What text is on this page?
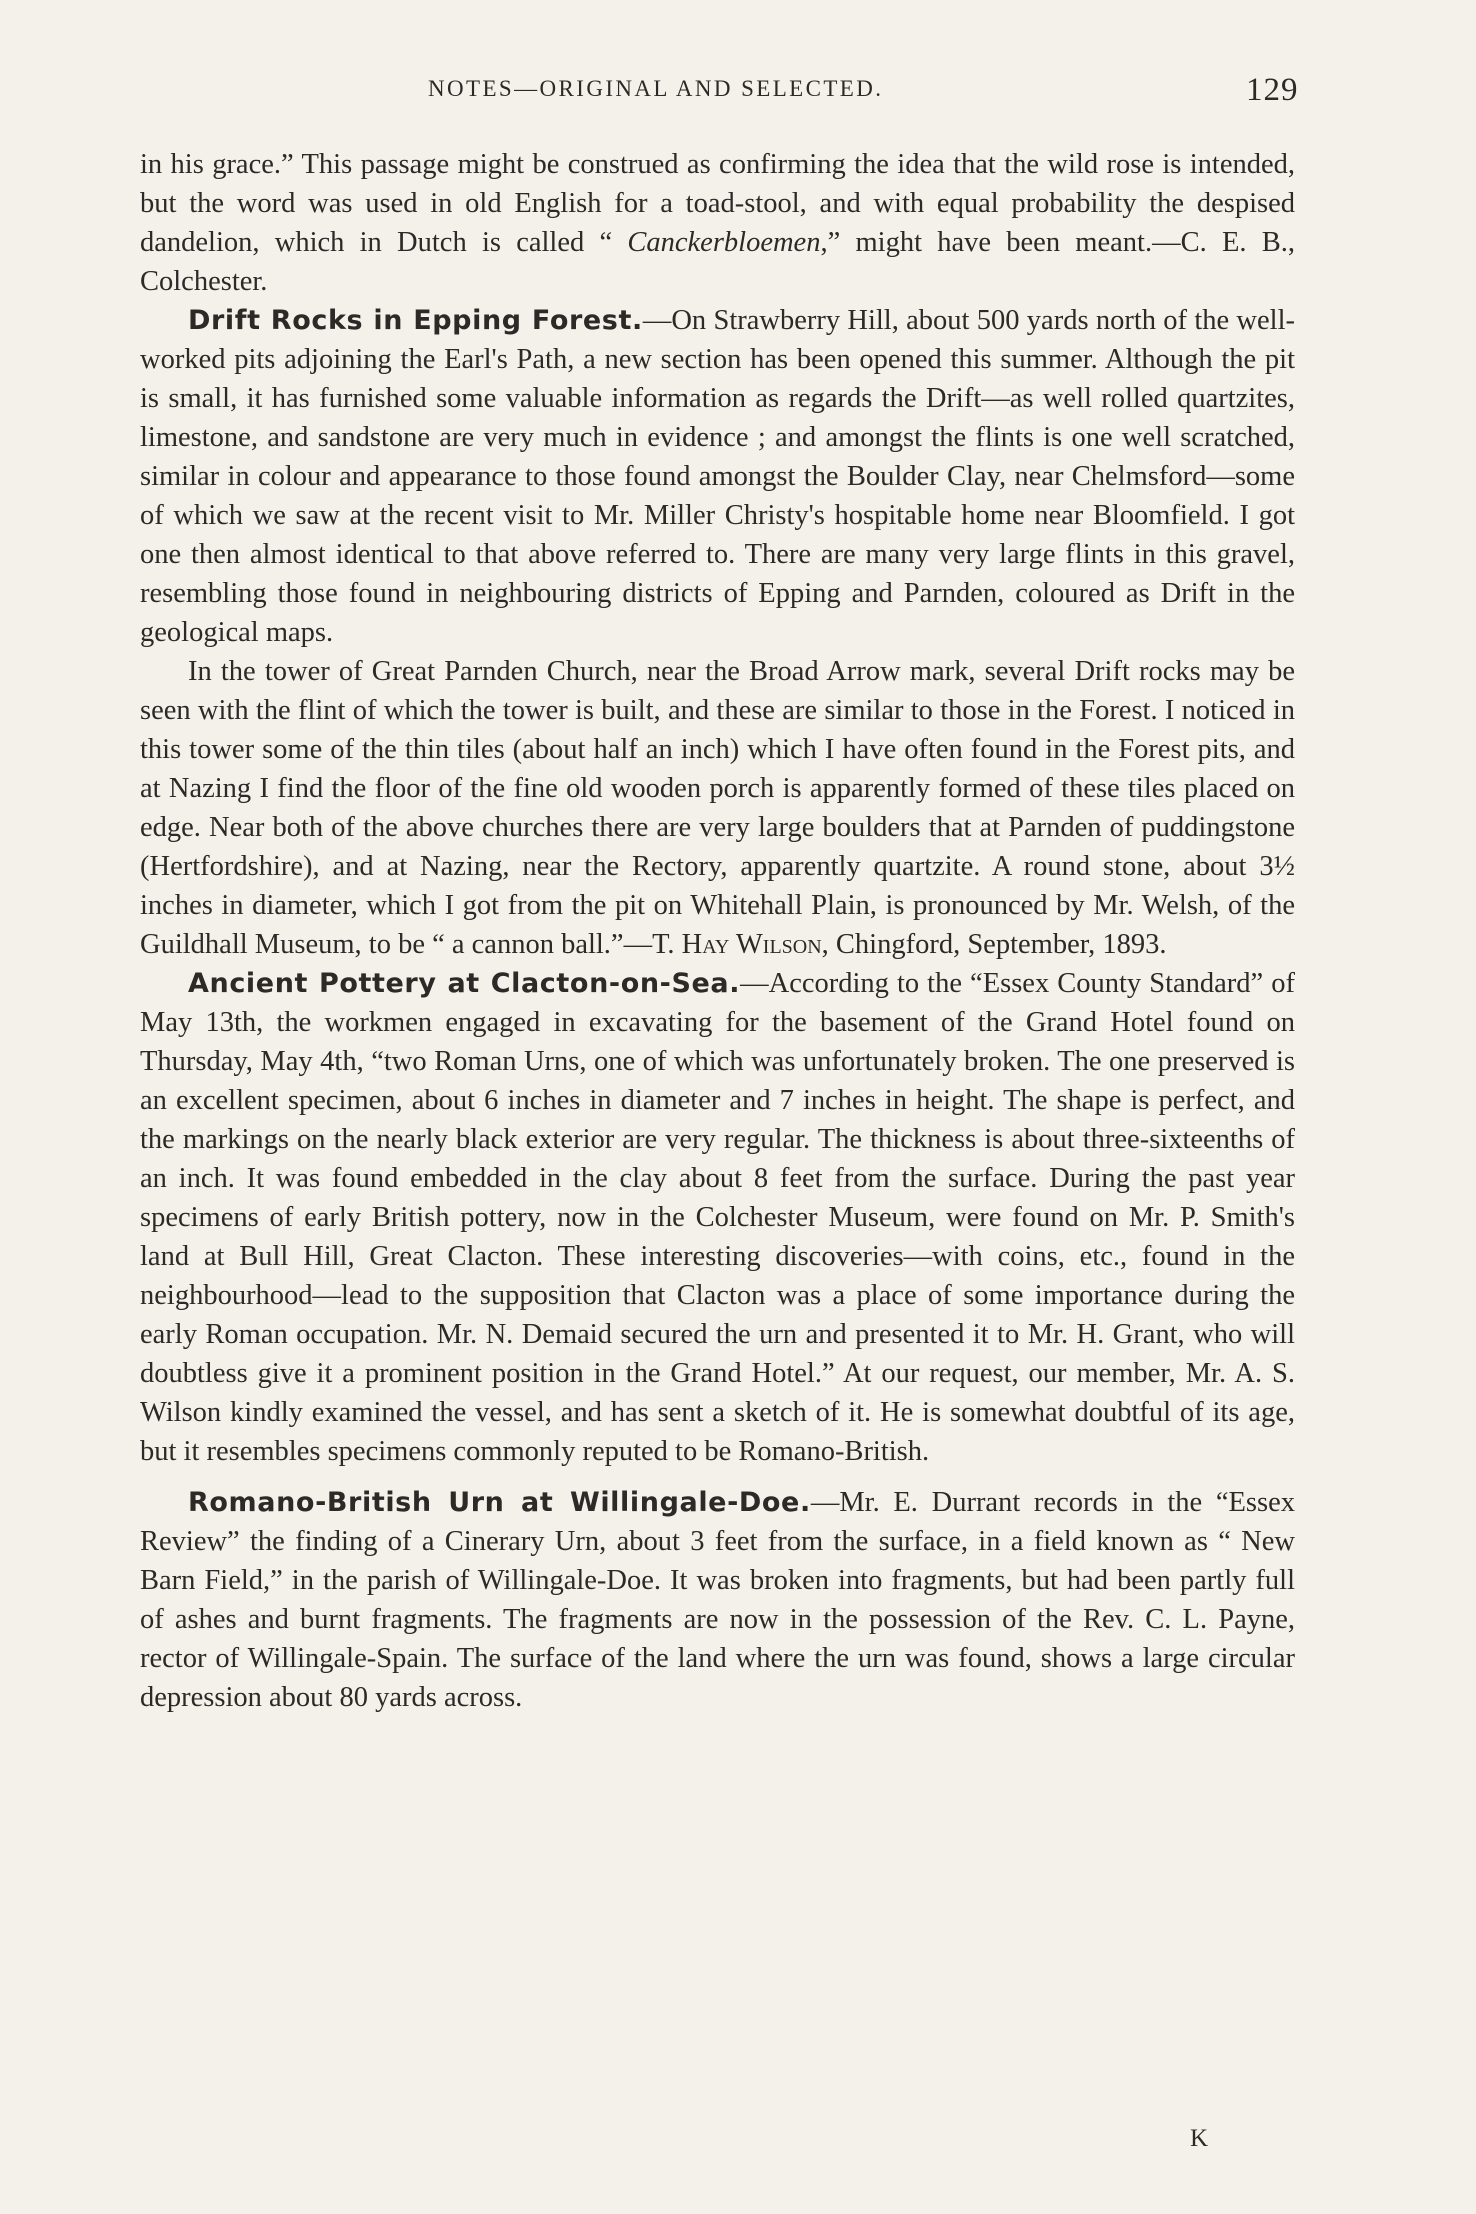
NOTES—ORIGINAL AND SELECTED.	129

in his grace.” This passage might be construed as confirming the idea that the wild rose is intended, but the word was used in old English for a toad-stool, and with equal probability the despised dandelion, which in Dutch is called “ Canckerbloemen,” might have been meant.—C. E. B., Colchester.

Drift Rocks in Epping Forest.—On Strawberry Hill, about 500 yards north of the well-worked pits adjoining the Earl's Path, a new section has been opened this summer. Although the pit is small, it has furnished some valuable information as regards the Drift—as well rolled quartzites, limestone, and sandstone are very much in evidence ; and amongst the flints is one well scratched, similar in colour and appearance to those found amongst the Boulder Clay, near Chelmsford—some of which we saw at the recent visit to Mr. Miller Christy's hospitable home near Bloomfield. I got one then almost identical to that above referred to. There are many very large flints in this gravel, resembling those found in neighbouring districts of Epping and Parnden, coloured as Drift in the geological maps.

In the tower of Great Parnden Church, near the Broad Arrow mark, several Drift rocks may be seen with the flint of which the tower is built, and these are similar to those in the Forest. I noticed in this tower some of the thin tiles (about half an inch) which I have often found in the Forest pits, and at Nazing I find the floor of the fine old wooden porch is apparently formed of these tiles placed on edge. Near both of the above churches there are very large boulders that at Parnden of puddingstone (Hertfordshire), and at Nazing, near the Rectory, apparently quartzite. A round stone, about 3½ inches in diameter, which I got from the pit on Whitehall Plain, is pronounced by Mr. Welsh, of the Guildhall Museum, to be “ a cannon ball.”—T. Hay Wilson, Chingford, September, 1893.

Ancient Pottery at Clacton-on-Sea.—According to the “Essex County Standard” of May 13th, the workmen engaged in excavating for the basement of the Grand Hotel found on Thursday, May 4th, “two Roman Urns, one of which was unfortunately broken. The one preserved is an excellent specimen, about 6 inches in diameter and 7 inches in height. The shape is perfect, and the markings on the nearly black exterior are very regular. The thickness is about three-sixteenths of an inch. It was found embedded in the clay about 8 feet from the surface. During the past year specimens of early British pottery, now in the Colchester Museum, were found on Mr. P. Smith's land at Bull Hill, Great Clacton. These interesting discoveries—with coins, etc., found in the neighbourhood—lead to the supposition that Clacton was a place of some importance during the early Roman occupation. Mr. N. Demaid secured the urn and presented it to Mr. H. Grant, who will doubtless give it a prominent position in the Grand Hotel.” At our request, our member, Mr. A. S. Wilson kindly examined the vessel, and has sent a sketch of it. He is somewhat doubtful of its age, but it resembles specimens commonly reputed to be Romano-British.

Romano-British Urn at Willingale-Doe.—Mr. E. Durrant records in the “Essex Review” the finding of a Cinerary Urn, about 3 feet from the surface, in a field known as “ New Barn Field,” in the parish of Willingale-Doe. It was broken into fragments, but had been partly full of ashes and burnt fragments. The fragments are now in the possession of the Rev. C. L. Payne, rector of Willingale-Spain. The surface of the land where the urn was found, shows a large circular depression about 80 yards across.

K
